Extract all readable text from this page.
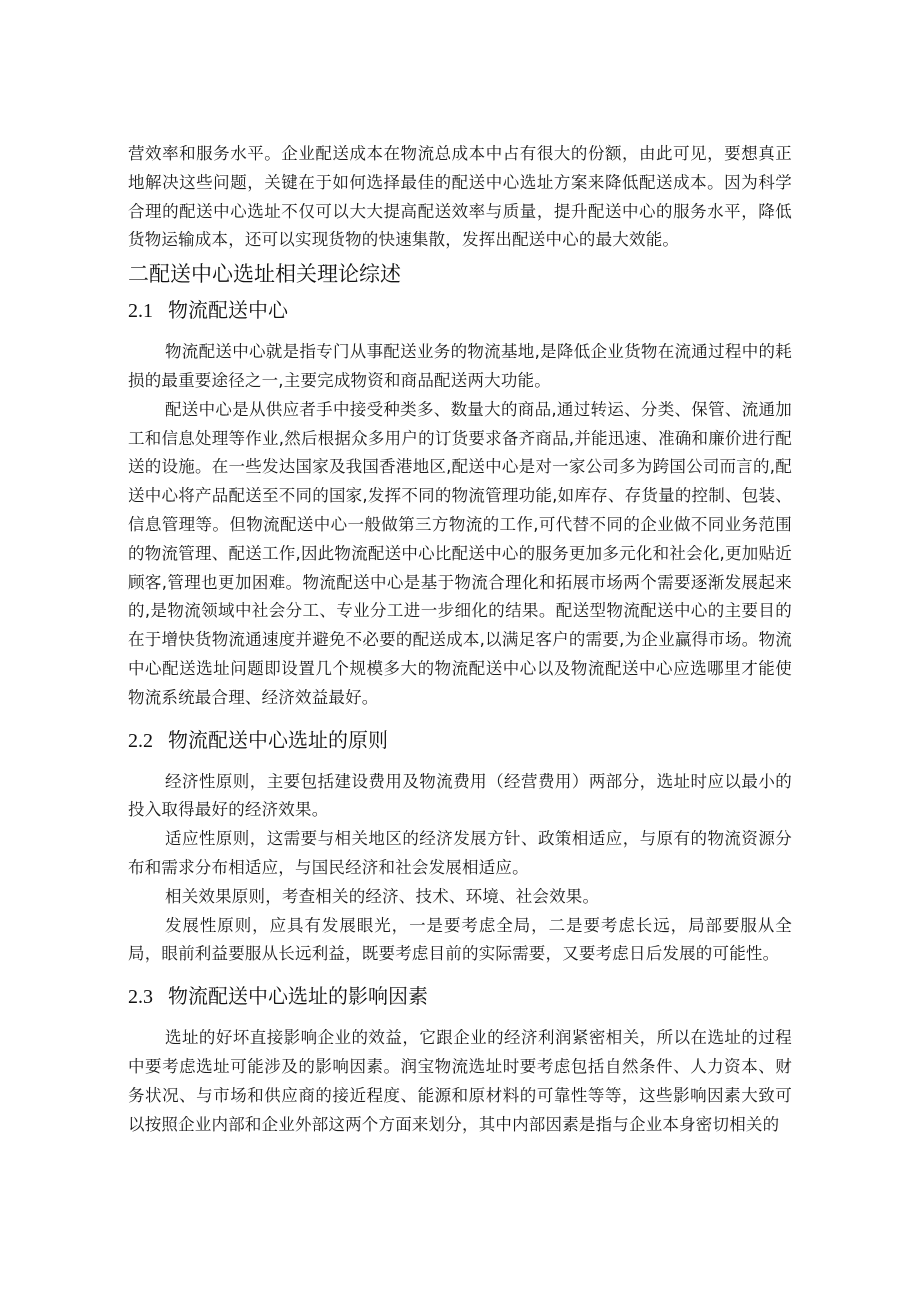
营效率和服务水平。企业配送成本在物流总成本中占有很大的份额，由此可见，要想真正地解决这些问题，关键在于如何选择最佳的配送中心选址方案来降低配送成本。因为科学合理的配送中心选址不仅可以大大提高配送效率与质量，提升配送中心的服务水平，降低货物运输成本，还可以实现货物的快速集散，发挥出配送中心的最大效能。

二配送中心选址相关理论综述
2.1 物流配送中心

物流配送中心就是指专门从事配送业务的物流基地,是降低企业货物在流通过程中的耗损的最重要途径之一,主要完成物资和商品配送两大功能。

配送中心是从供应者手中接受种类多、数量大的商品,通过转运、分类、保管、流通加工和信息处理等作业,然后根据众多用户的订货要求备齐商品,并能迅速、准确和廉价进行配送的设施。在一些发达国家及我国香港地区,配送中心是对一家公司多为跨国公司而言的,配送中心将产品配送至不同的国家,发挥不同的物流管理功能,如库存、存货量的控制、包装、信息管理等。但物流配送中心一般做第三方物流的工作,可代替不同的企业做不同业务范围的物流管理、配送工作,因此物流配送中心比配送中心的服务更加多元化和社会化,更加贴近顾客,管理也更加困难。物流配送中心是基于物流合理化和拓展市场两个需要逐渐发展起来的,是物流领域中社会分工、专业分工进一步细化的结果。配送型物流配送中心的主要目的在于增快货物流通速度并避免不必要的配送成本,以满足客户的需要,为企业赢得市场。物流中心配送选址问题即设置几个规模多大的物流配送中心以及物流配送中心应选哪里才能使物流系统最合理、经济效益最好。

2.2 物流配送中心选址的原则

经济性原则，主要包括建设费用及物流费用（经营费用）两部分，选址时应以最小的投入取得最好的经济效果。

适应性原则，这需要与相关地区的经济发展方针、政策相适应，与原有的物流资源分布和需求分布相适应，与国民经济和社会发展相适应。

相关效果原则，考查相关的经济、技术、环境、社会效果。

发展性原则，应具有发展眼光，一是要考虑全局，二是要考虑长远，局部要服从全局，眼前利益要服从长远利益，既要考虑目前的实际需要，又要考虑日后发展的可能性。

2.3 物流配送中心选址的影响因素

选址的好坏直接影响企业的效益，它跟企业的经济利润紧密相关，所以在选址的过程中要考虑选址可能涉及的影响因素。润宝物流选址时要考虑包括自然条件、人力资本、财务状况、与市场和供应商的接近程度、能源和原材料的可靠性等等，这些影响因素大致可以按照企业内部和企业外部这两个方面来划分，其中内部因素是指与企业本身密切相关的
